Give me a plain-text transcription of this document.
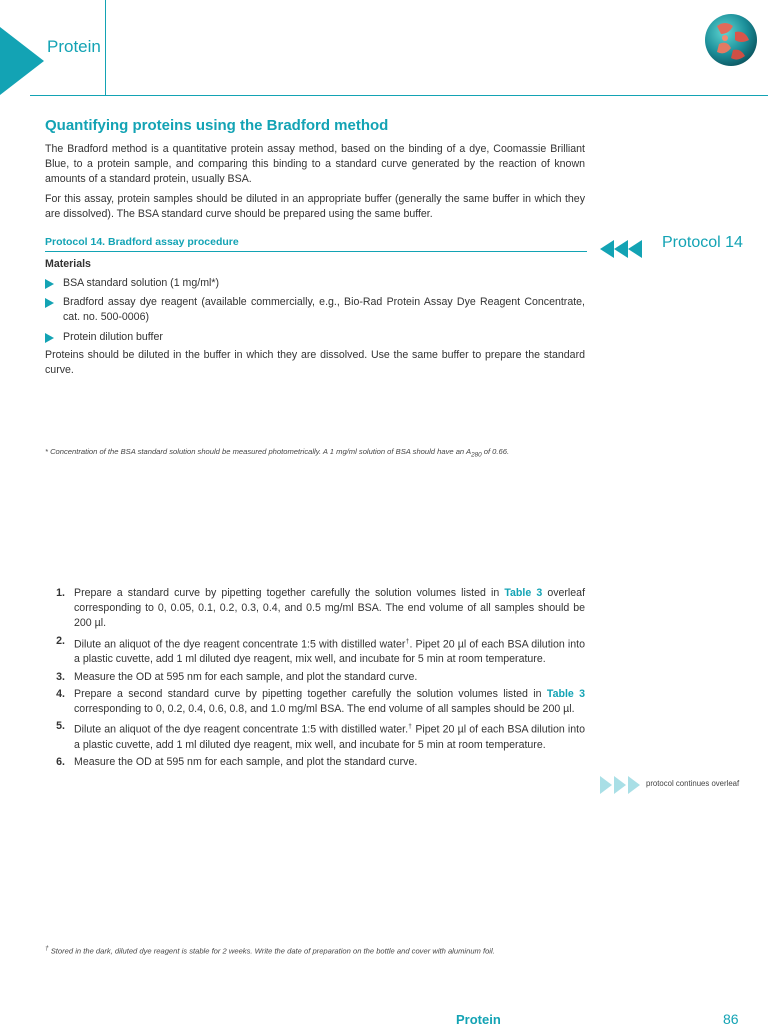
Protein
Quantifying proteins using the Bradford method
The Bradford method is a quantitative protein assay method, based on the binding of a dye, Coomassie Brilliant Blue, to a protein sample, and comparing this binding to a standard curve generated by the reaction of known amounts of a standard protein, usually BSA.
For this assay, protein samples should be diluted in an appropriate buffer (generally the same buffer in which they are dissolved). The BSA standard curve should be prepared using the same buffer.
Protocol 14. Bradford assay procedure	Protocol 14
Materials
BSA standard solution (1 mg/ml*)
Bradford assay dye reagent (available commercially, e.g., Bio-Rad Protein Assay Dye Reagent Concentrate, cat. no. 500-0006)
Protein dilution buffer
Proteins should be diluted in the buffer in which they are dissolved. Use the same buffer to prepare the standard curve.
* Concentration of the BSA standard solution should be measured photometrically. A 1 mg/ml solution of BSA should have an $A_{280}$ of 0.66.
1. Prepare a standard curve by pipetting together carefully the solution volumes listed in Table 3 overleaf corresponding to 0, 0.05, 0.1, 0.2, 0.3, 0.4, and 0.5 mg/ml BSA. The end volume of all samples should be 200 µl.
2. Dilute an aliquot of the dye reagent concentrate 1:5 with distilled water†. Pipet 20 µl of each BSA dilution into a plastic cuvette, add 1 ml diluted dye reagent, mix well, and incubate for 5 min at room temperature.
3. Measure the OD at 595 nm for each sample, and plot the standard curve.
4. Prepare a second standard curve by pipetting together carefully the solution volumes listed in Table 3 corresponding to 0, 0.2, 0.4, 0.6, 0.8, and 1.0 mg/ml BSA. The end volume of all samples should be 200 µl.
5. Dilute an aliquot of the dye reagent concentrate 1:5 with distilled water.† Pipet 20 µl of each BSA dilution into a plastic cuvette, add 1 ml diluted dye reagent, mix well, and incubate for 5 min at room temperature.
6. Measure the OD at 595 nm for each sample, and plot the standard curve.
protocol continues overleaf
† Stored in the dark, diluted dye reagent is stable for 2 weeks. Write the date of preparation on the bottle and cover with aluminum foil.
Protein	86
